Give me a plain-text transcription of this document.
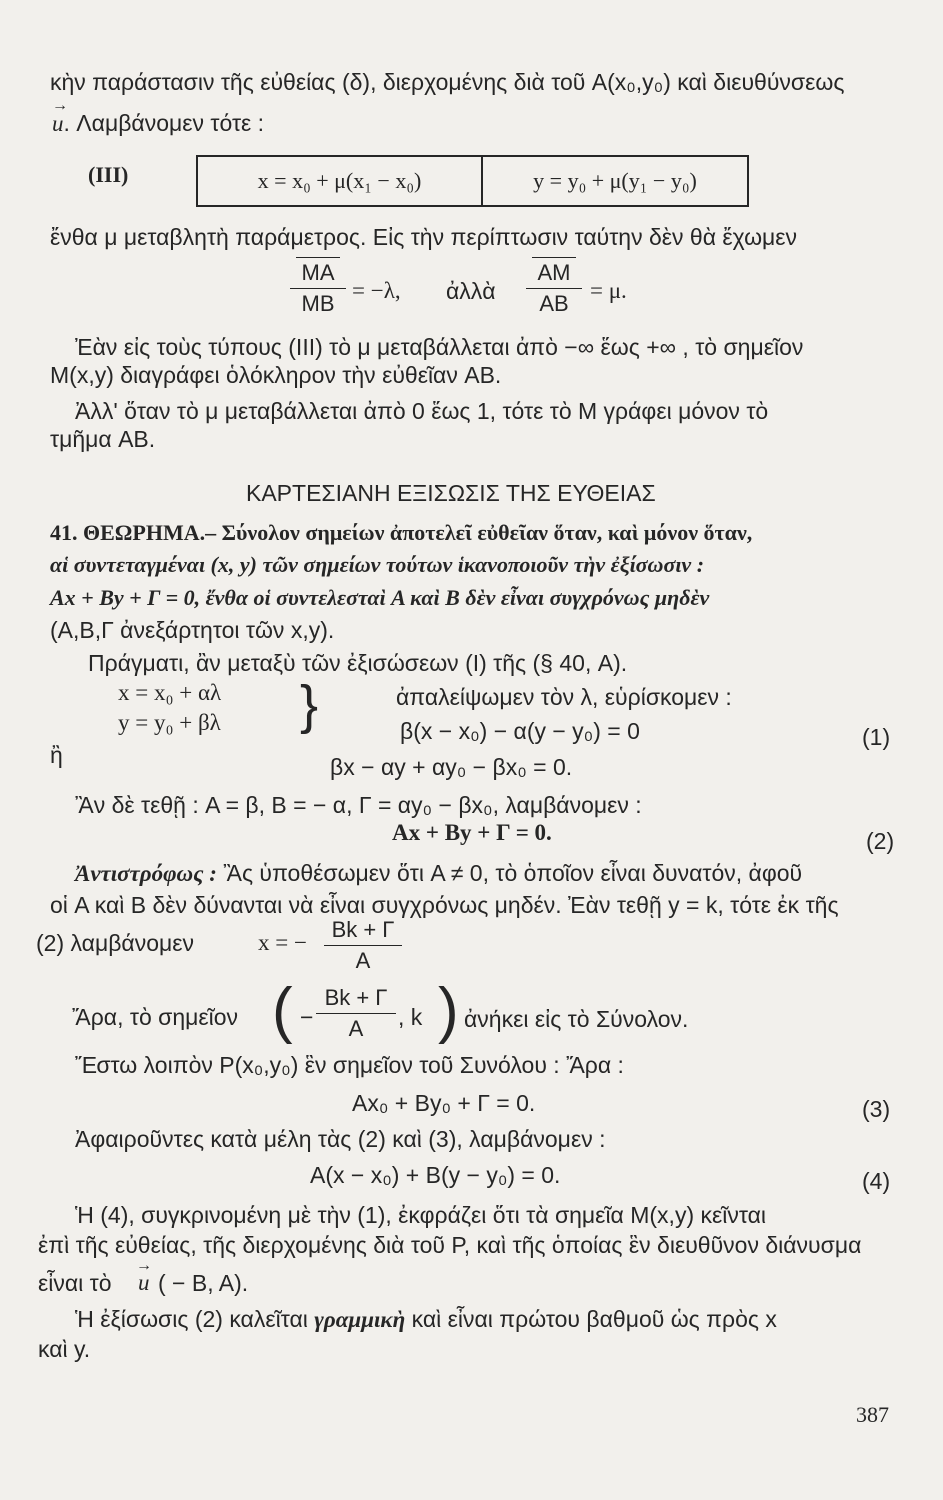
κὴν παράστασιν τῆς εὐθείας (δ), διερχομένης διὰ τοῦ A(x₀,y₀) καὶ διευθύνσεως
→
u. Λαμβάνομεν τότε :
(III)	x = x₀ + μ(x₁ − x₀)	y = y₀ + μ(y₁ − y₀)
ἔνθα μ μεταβλητὴ παράμετρος. Εἰς τὴν περίπτωσιν ταύτην δὲν θὰ ἔχωμεν
MA
MB
= −λ, ἀλλὰ
AM
AB
= μ.
Ἐὰν εἰς τοὺς τύπους (III) τὸ μ μεταβάλλεται ἀπὸ −∞ ἕως +∞ , τὸ σημεῖον
M(x,y) διαγράφει ὁλόκληρον τὴν εὐθεῖαν AB.
Ἀλλ' ὅταν τὸ μ μεταβάλλεται ἀπὸ 0 ἕως 1, τότε τὸ M γράφει μόνον τὸ
τμῆμα AB.
ΚΑΡΤΕΣΙΑΝΗ ΕΞΙΣΩΣΙΣ ΤΗΣ ΕΥΘΕΙΑΣ
41. ΘΕΩΡΗΜΑ.– Σύνολον σημείων ἀποτελεῖ εὐθεῖαν ὅταν, καὶ μόνον ὅταν,
αἱ συντεταγμέναι (x, y) τῶν σημείων τούτων ἱκανοποιοῦν τὴν ἐξίσωσιν :
Ax + By + Γ = 0, ἔνθα οἱ συντελεσταὶ A καὶ B δὲν εἶναι συγχρόνως μηδὲν
(A,B,Γ ἀνεξάρτητοι τῶν x,y).
Πράγματι, ἂν μεταξὺ τῶν ἐξισώσεων (I) τῆς (§ 40, A).
x = x₀ + αλ
y = y₀ + βλ }	ἀπαλείψωμεν τὸν λ, εὑρίσκομεν :
β(x − x₀) − α(y − y₀) = 0	(1)
ἢ	βx − αy + αy₀ − βx₀ = 0.
Ἂν δὲ τεθῇ : A = β, B = − α, Γ = αy₀ − βx₀, λαμβάνομεν :
Ax + By + Γ = 0.	(2)
Ἀντιστρόφως : Ἂς ὑποθέσωμεν ὅτι A ≠ 0, τὸ ὁποῖον εἶναι δυνατόν, ἀφοῦ
οἱ A καὶ B δὲν δύνανται νὰ εἶναι συγχρόνως μηδέν. Ἐὰν τεθῇ y = k, τότε ἐκ τῆς
(2) λαμβάνομεν	x = −
Bk + Γ
A
Ἄρα, τὸ σημεῖον ( −
Bk + Γ
A	, k ) ἀνήκει εἰς τὸ Σύνολον.
Ἔστω λοιπὸν P(x₀,y₀) ἓν σημεῖον τοῦ Συνόλου : Ἄρα :
Ax₀ + By₀ + Γ = 0.	(3)
Ἀφαιροῦντες κατὰ μέλη τὰς (2) καὶ (3), λαμβάνομεν :
A(x − x₀) + B(y − y₀) = 0.	(4)
Ἡ (4), συγκρινομένη μὲ τὴν (1), ἐκφράζει ὅτι τὰ σημεῖα M(x,y) κεῖνται
ἐπὶ τῆς εὐθείας, τῆς διερχομένης διὰ τοῦ P, καὶ τῆς ὁποίας ἓν διευθῦνον διάνυσμα
εἶναι τὸ
→
u ( − B, A).
Ἡ ἐξίσωσις (2) καλεῖται γραμμικὴ καὶ εἶναι πρώτου βαθμοῦ ὡς πρὸς x
καὶ y.
387
